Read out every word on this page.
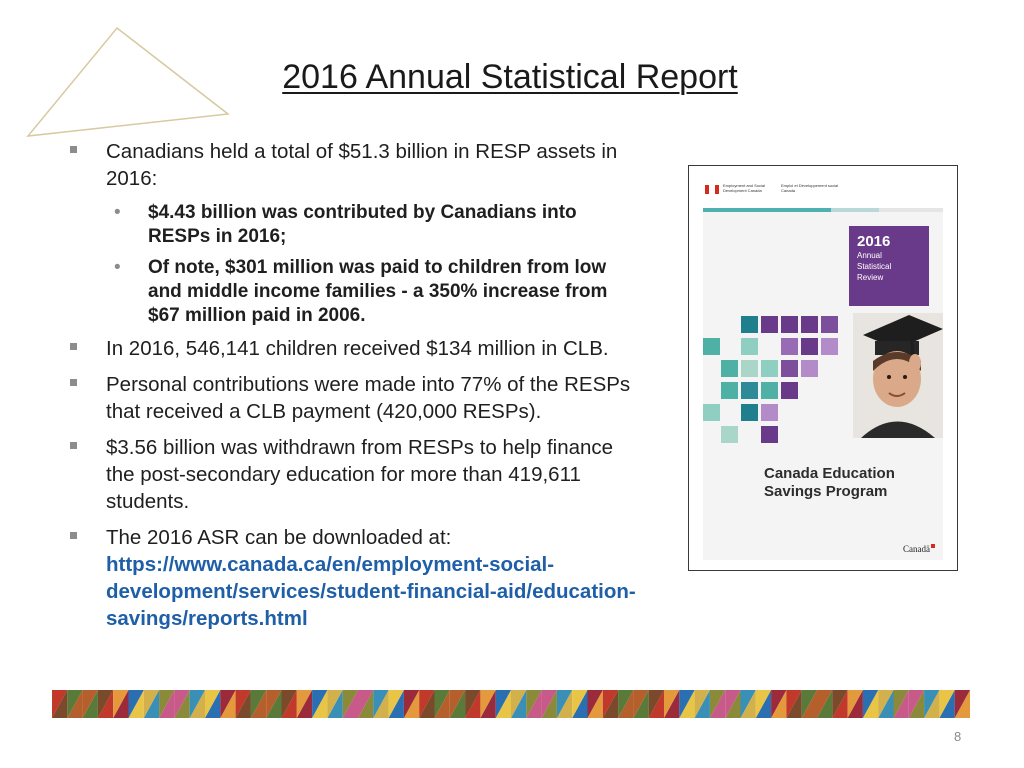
2016 Annual Statistical Report
Canadians held a total of $51.3 billion in RESP assets in 2016:
• $4.43 billion was contributed by Canadians into RESPs in 2016;
• Of note, $301 million was paid to children from low and middle income families - a 350% increase from $67 million paid in 2006.
In 2016, 546,141 children received $134 million in CLB.
Personal contributions were made into 77% of the RESPs that received a CLB payment (420,000 RESPs).
$3.56 billion was withdrawn from RESPs to help finance the post-secondary education for more than 419,611 students.
The 2016 ASR can be downloaded at:
https://www.canada.ca/en/employment-social-development/services/student-financial-aid/education-savings/reports.html
Employment and Social Development Canada
Emploi et Développement social Canada
2016
Annual
Statistical
Review
Canada Education
Savings Program
Canadä
8
